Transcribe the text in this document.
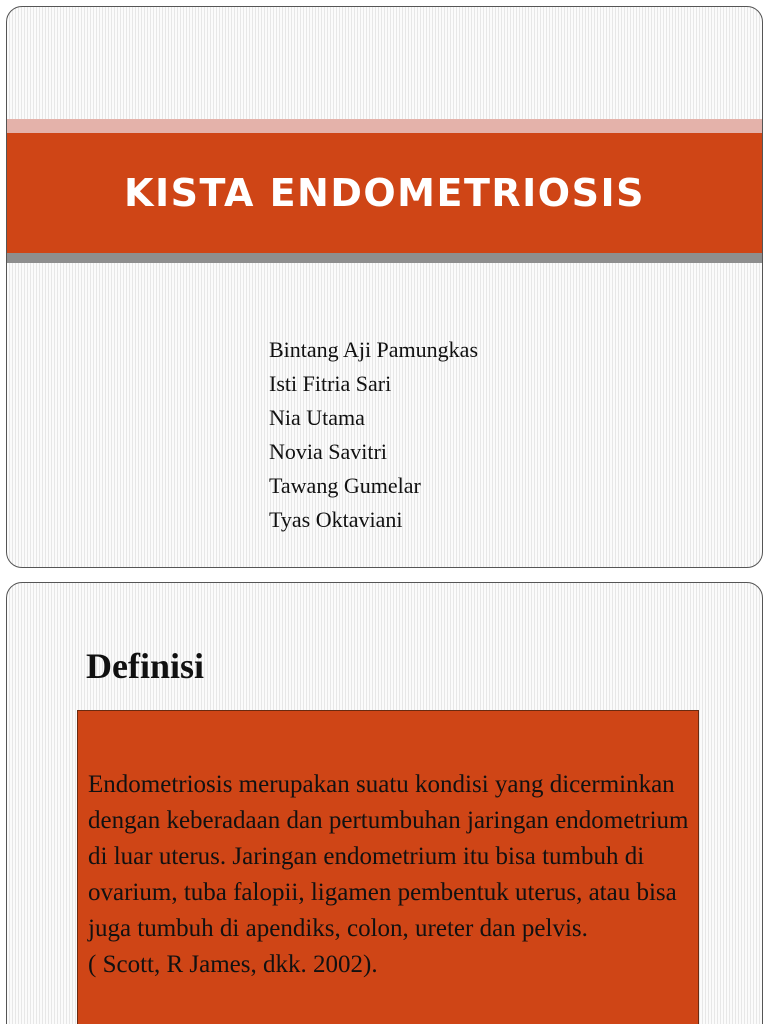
KISTA ENDOMETRIOSIS
Bintang Aji Pamungkas
Isti Fitria Sari
Nia Utama
Novia Savitri
Tawang Gumelar
Tyas Oktaviani
Definisi

Endometriosis merupakan suatu kondisi yang dicerminkan dengan keberadaan dan pertumbuhan jaringan endometrium di luar uterus. Jaringan endometrium itu bisa tumbuh di ovarium, tuba falopii, ligamen pembentuk uterus, atau bisa juga tumbuh di apendiks, colon, ureter dan pelvis.
( Scott, R James, dkk. 2002).
